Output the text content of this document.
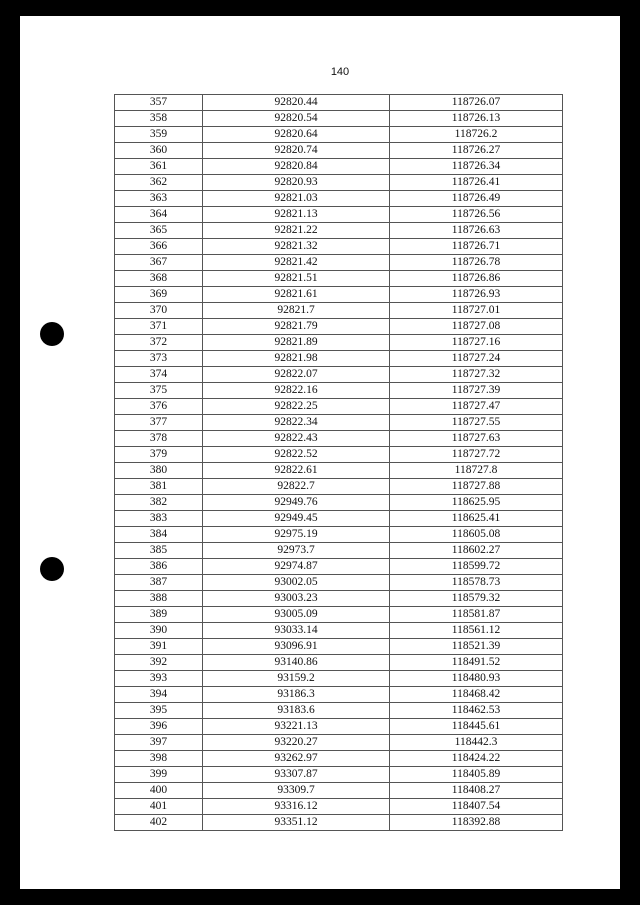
140
357	92820.44	118726.07
358	92820.54	118726.13
359	92820.64	118726.2
360	92820.74	118726.27
361	92820.84	118726.34
362	92820.93	118726.41
363	92821.03	118726.49
364	92821.13	118726.56
365	92821.22	118726.63
366	92821.32	118726.71
367	92821.42	118726.78
368	92821.51	118726.86
369	92821.61	118726.93
370	92821.7	118727.01
371	92821.79	118727.08
372	92821.89	118727.16
373	92821.98	118727.24
374	92822.07	118727.32
375	92822.16	118727.39
376	92822.25	118727.47
377	92822.34	118727.55
378	92822.43	118727.63
379	92822.52	118727.72
380	92822.61	118727.8
381	92822.7	118727.88
382	92949.76	118625.95
383	92949.45	118625.41
384	92975.19	118605.08
385	92973.7	118602.27
386	92974.87	118599.72
387	93002.05	118578.73
388	93003.23	118579.32
389	93005.09	118581.87
390	93033.14	118561.12
391	93096.91	118521.39
392	93140.86	118491.52
393	93159.2	118480.93
394	93186.3	118468.42
395	93183.6	118462.53
396	93221.13	118445.61
397	93220.27	118442.3
398	93262.97	118424.22
399	93307.87	118405.89
400	93309.7	118408.27
401	93316.12	118407.54
402	93351.12	118392.88
